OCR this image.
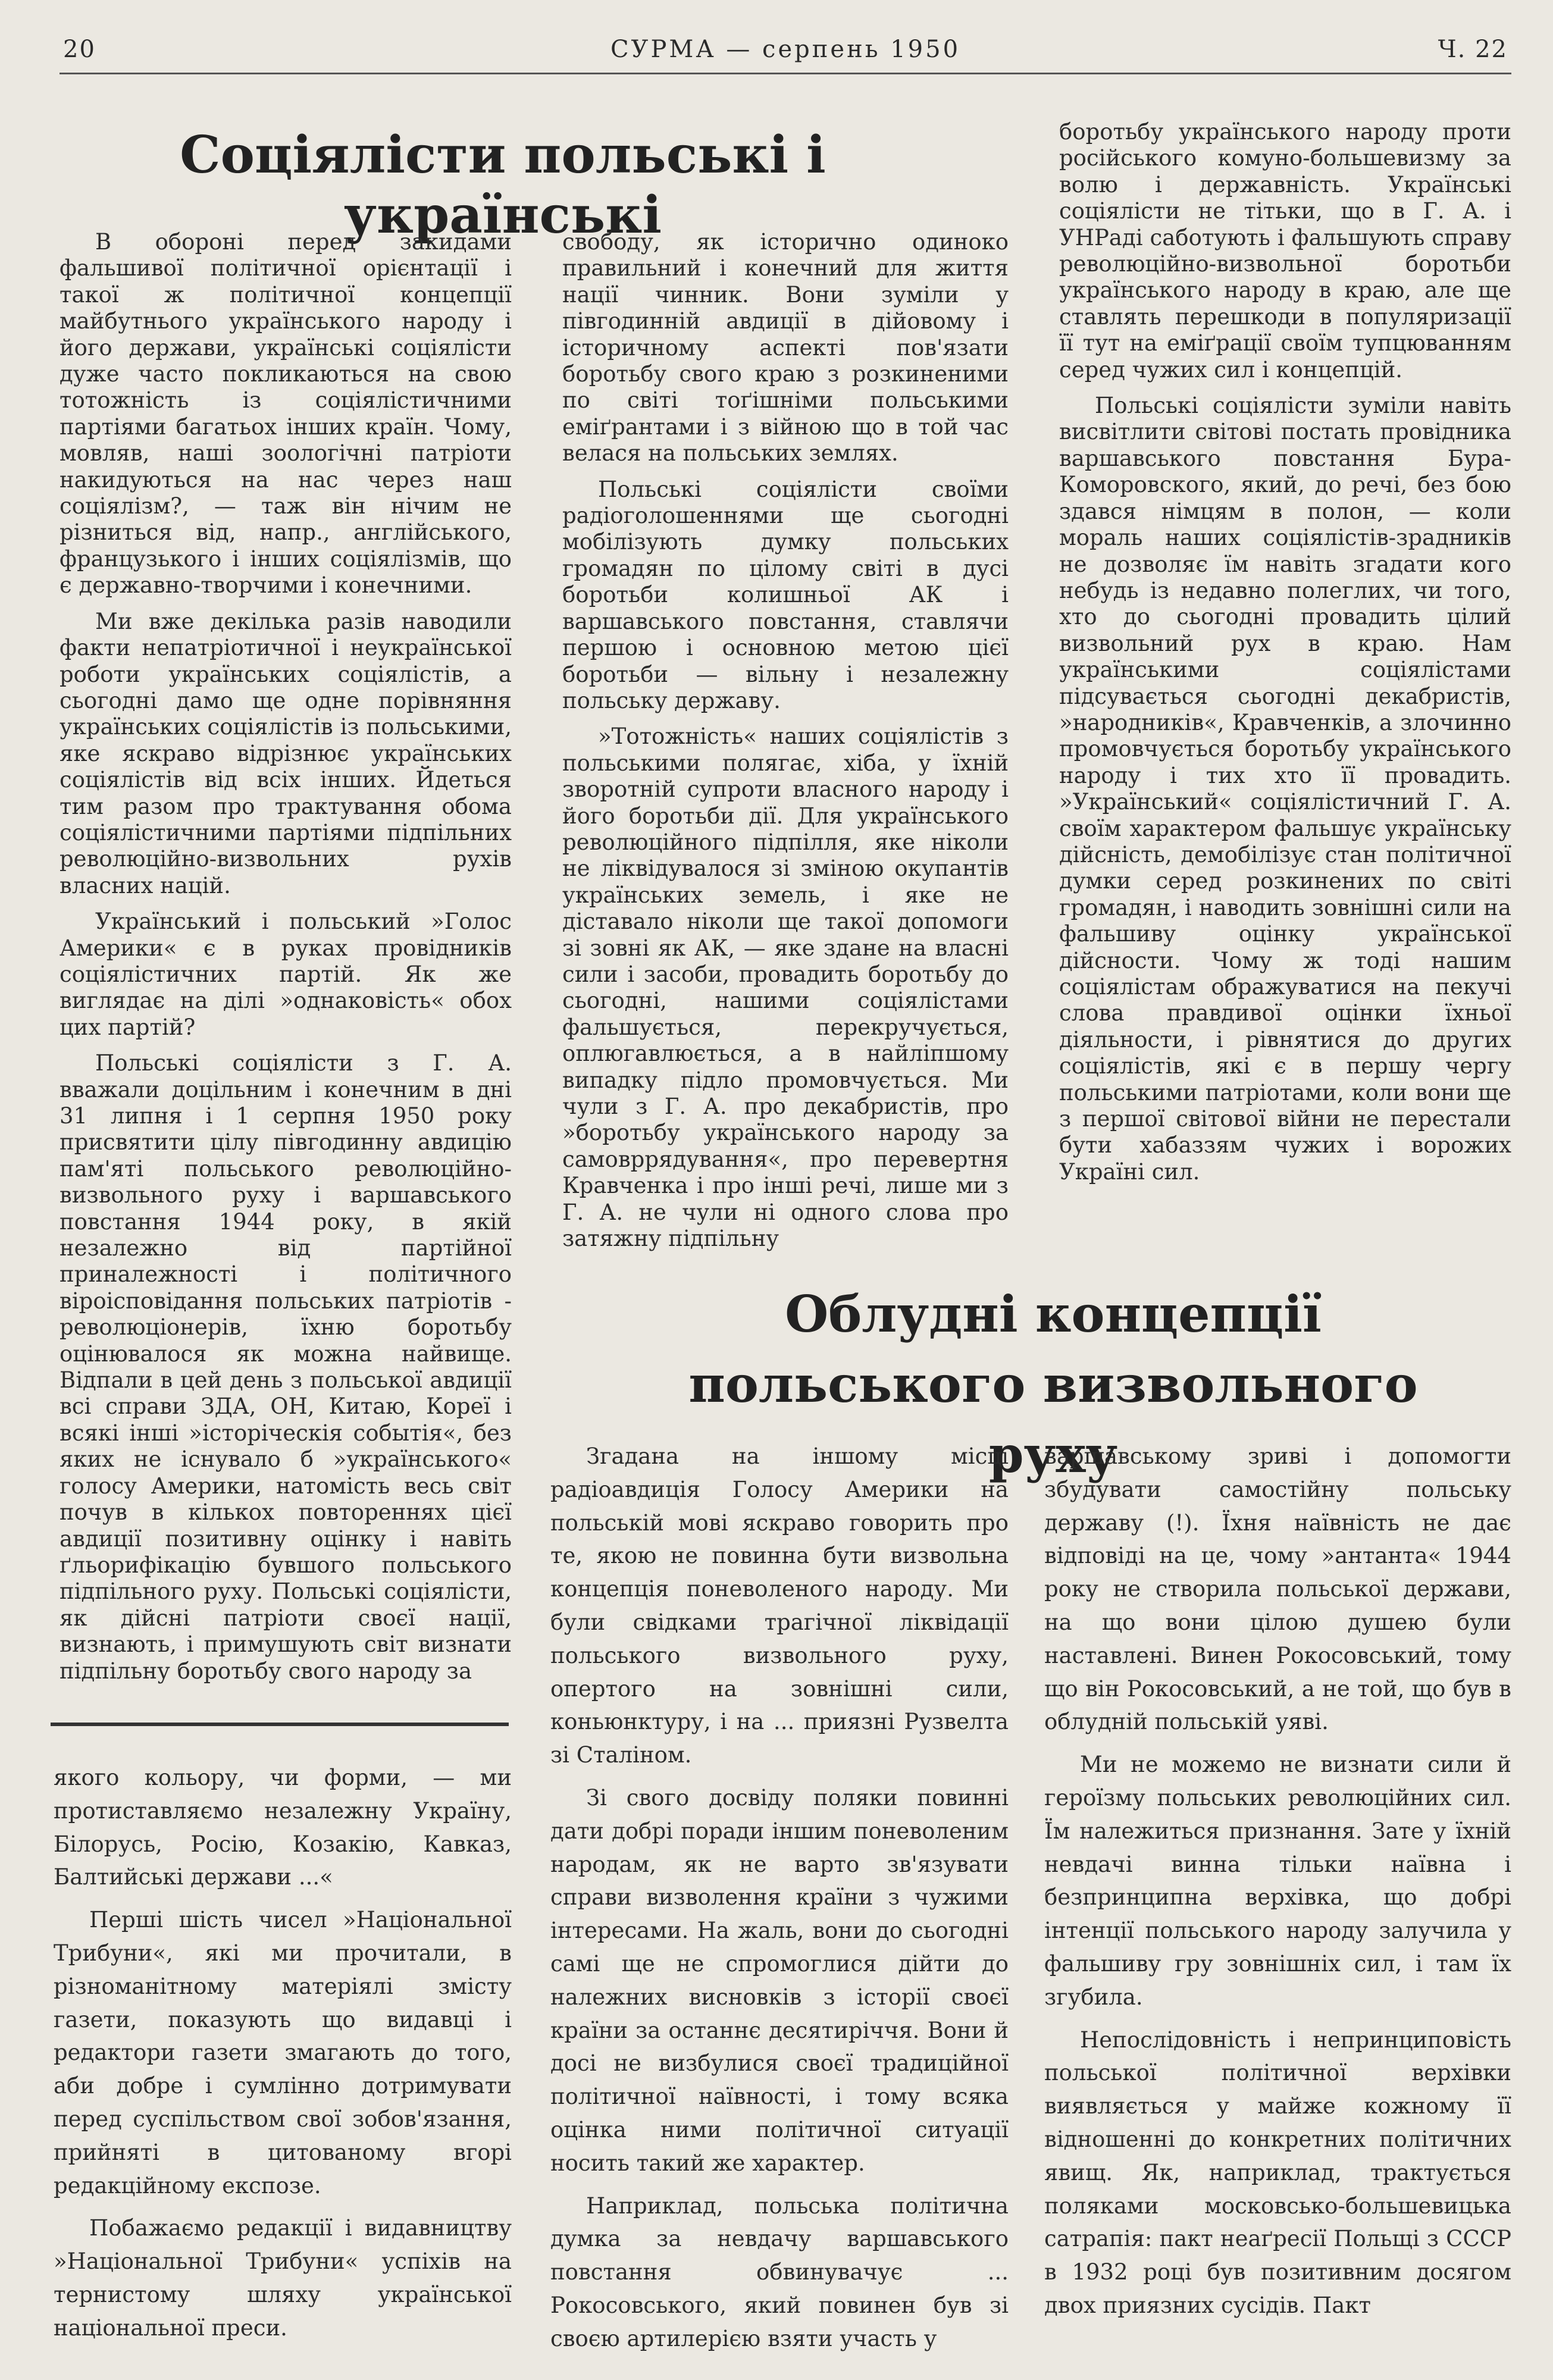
20	СУРМА — серпень 1950	Ч. 22
Соціялісти польські і українські

В обороні перед закидами фальшивої політичної орієнтації і такої ж політичної концепції майбутнього українського народу і його держави, українські соціялісти дуже часто покликаються на свою тотожність із соціялістичними партіями багатьох інших країн. Чому, мовляв, наші зоологічні патріоти накидуються на нас через наш соціялізм?, — таж він нічим не різниться від, напр., англійського, французького і інших соціялізмів, що є державно-творчими і конечними.

Ми вже декілька разів наводили факти непатріотичної і неукраїнської роботи українських соціялістів, а сьогодні дамо ще одне порівняння українських соціялістів із польськими, яке яскраво відрізнює українських соціялістів від всіх інших. Йдеться тим разом про трактування обома соціялістичними партіями підпільних революційно-визвольних рухів власних націй.

Український і польський »Голос Америки« є в руках провідників соціялістичних партій. Як же виглядає на ділі »однаковість« обох цих партій?

Польські соціялісти з Г. А. вважали доцільним і конечним в дні 31 липня і 1 серпня 1950 року присвятити цілу півгодинну авдицію пам'яті польського революційно-визвольного руху і варшавського повстання 1944 року, в якій незалежно від партійної приналежності і політичного віроісповідання польських патріотів - революціонерів, їхню боротьбу оцінювалося як можна найвище. Відпали в цей день з польської авдиції всі справи ЗДА, ОН, Китаю, Кореї і всякі інші »історіческія событія«, без яких не існувало б »українського« голосу Америки, натомість весь світ почув в кількох повтореннях цієї авдиції позитивну оцінку і навіть ґльорифікацію бувшого польського підпільного руху. Польські соціялісти, як дійсні патріоти своєї нації, визнають, і примушують світ визнати підпільну боротьбу свого народу за

свободу, як історично одиноко правильний і конечний для життя нації чинник. Вони зуміли у півгодинній авдиції в дійовому і історичному аспекті пов'язати боротьбу свого краю з розкиненими по світі тоґішніми польськими еміґрантами і з війною що в той час велася на польських землях.

Польські соціялісти своїми радіоголошеннями ще сьогодні мобілізують думку польських громадян по цілому світі в дусі боротьби колишньої АК і варшавського повстання, ставлячи першою і основною метою цієї боротьби — вільну і незалежну польську державу.

»Тотожність« наших соціялістів з польськими полягає, хіба, у їхній зворотній супроти власного народу і його боротьби дії. Для українського революційного підпілля, яке ніколи не ліквідувалося зі зміною окупантів українських земель, і яке не діставало ніколи ще такої допомоги зі зовні як АК, — яке здане на власні сили і засоби, провадить боротьбу до сьогодні, нашими соціялістами фальшується, перекручується, оплюгавлюється, а в найліпшому випадку підло промовчується. Ми чули з Г. А. про декабристів, про »боротьбу українського народу за самовррядування«, про перевертня Кравченка і про інші речі, лише ми з Г. А. не чули ні одного слова про затяжну підпільну

боротьбу українського народу проти російського комуно-большевизму за волю і державність. Українські соціялісти не тітьки, що в Г. А. і УНРаді саботують і фальшують справу революційно-визвольної боротьби українського народу в краю, але ще ставлять перешкоди в популяризації її тут на еміґрації своїм тупцюванням серед чужих сил і концепцій.

Польські соціялісти зуміли навіть висвітлити світові постать провідника варшавського повстання Бура-Коморовского, який, до речі, без бою здався німцям в полон, — коли мораль наших соціялістів-зрадників не дозволяє їм навіть згадати кого небудь із недавно полеглих, чи того, хто до сьогодні провадить цілий визвольний рух в краю. Нам українськими соціялістами підсувається сьогодні декабристів, »народників«, Кравченків, а злочинно промовчується боротьбу українського народу і тих хто її провадить. »Український« соціялістичний Г. А. своїм характером фальшує українську дійсність, демобілізує стан політичної думки серед розкинених по світі громадян, і наводить зовнішні сили на фальшиву оцінку української дійсности. Чому ж тоді нашим соціялістам ображуватися на пекучі слова правдивої оцінки їхньої діяльности, і рівнятися до других соціялістів, які є в першу чергу польськими патріотами, коли вони ще з першої світової війни не перестали бути хабаззям чужих і ворожих Україні сил.

Облудні концепції польського визвольного руху

якого кольору, чи форми, — ми протиставляємо незалежну Україну, Білорусь, Росію, Козакію, Кавказ, Балтийські держави ...«

Перші шість чисел »Національної Трибуни«, які ми прочитали, в різноманітному матеріялі змісту газети, показують що видавці і редактори газети змагають до того, аби добре і сумлінно дотримувати перед суспільством свої зобов'язання, прийняті в цитованому вгорі редакційному експозе.

Побажаємо редакції і видавництву »Національної Трибуни« успіхів на тернистому шляху української національної преси.

Згадана на іншому місці радіоавдиція Голосу Америки на польській мові яскраво говорить про те, якою не повинна бути визвольна концепція поневоленого народу. Ми були свідками трагічної ліквідації польського визвольного руху, опертого на зовнішні сили, коньюнктуру, і на ... приязні Рузвелта зі Сталіном.

Зі свого досвіду поляки повинні дати добрі поради іншим поневоленим народам, як не варто зв'язувати справи визволення країни з чужими інтересами. На жаль, вони до сьогодні самі ще не спромоглися дійти до належних висновків з історії своєї країни за останнє десятиріччя. Вони й досі не визбулися своєї традиційної політичної наївності, і тому всяка оцінка ними політичної ситуації носить такий же характер.

Наприклад, польська політична думка за невдачу варшавського повстання обвинувачує ... Рокосовського, який повинен був зі своєю артилерією взяти участь у

варшавському зриві і допомогти збудувати самостійну польську державу (!). Їхня наївність не дає відповіді на це, чому »антанта« 1944 року не створила польської держави, на що вони цілою душею були наставлені. Винен Рокосовський, тому що він Рокосовський, а не той, що був в облудній польській уяві.

Ми не можемо не визнати сили й героїзму польських революційних сил. Їм належиться признання. Зате у їхній невдачі винна тільки наївна і безпринципна верхівка, що добрі інтенції польського народу залучила у фальшиву гру зовнішніх сил, і там їх згубила.

Непослідовність і непринциповість польської політичної верхівки виявляється у майже кожному її відношенні до конкретних політичних явищ. Як, наприклад, трактується поляками московсько-большевицька сатрапія: пакт неаґресії Польщі з СССР в 1932 році був позитивним досягом двох приязних сусідів. Пакт
